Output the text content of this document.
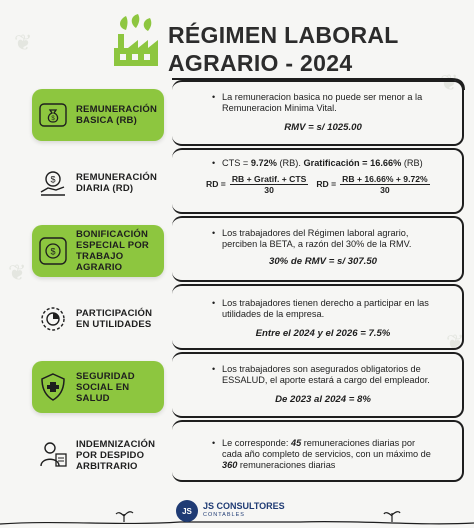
❦
❦
❦
❦
RÉGIMEN LABORAL
AGRARIO - 2024
$
REMUNERACIÓN BASICA (RB)
• La remuneracion basica no puede ser menor a la Remuneracion Minima Vital.
RMV = s/ 1025.00
$ REMUNERACIÓN DIARIA (RD)
• CTS = 9.72% (RB). Gratificación = 16.66% (RB)
RD = $\frac{\text{RB + Gratif. + CTS}}{30}$ RD = $\frac{RB + 16.66\% + 9.72\%}{30}$
$
BONIFICACIÓN ESPECIAL POR TRABAJO AGRARIO
• Los trabajadores del Régimen laboral agrario, perciben la BETA, a razón del 30% de la RMV.
30% de RMV = s/ 307.50
PARTICIPACIÓN EN UTILIDADES
• Los trabajadores tienen derecho a participar en las utilidades de la empresa.
Entre el 2024 y el 2026 = 7.5%
SEGURIDAD SOCIAL EN SALUD
• Los trabajadores son asegurados obligatorios de ESSALUD, el aporte estará a cargo del empleador.
De 2023 al 2024 = 8%
INDEMNIZACIÓN POR DESPIDO ARBITRARIO
• Le corresponde: 45 remuneraciones diarias por cada año completo de servicios, con un máximo de 360 remuneraciones diarias
JS	JS CONSULTORES
CONTABLES
